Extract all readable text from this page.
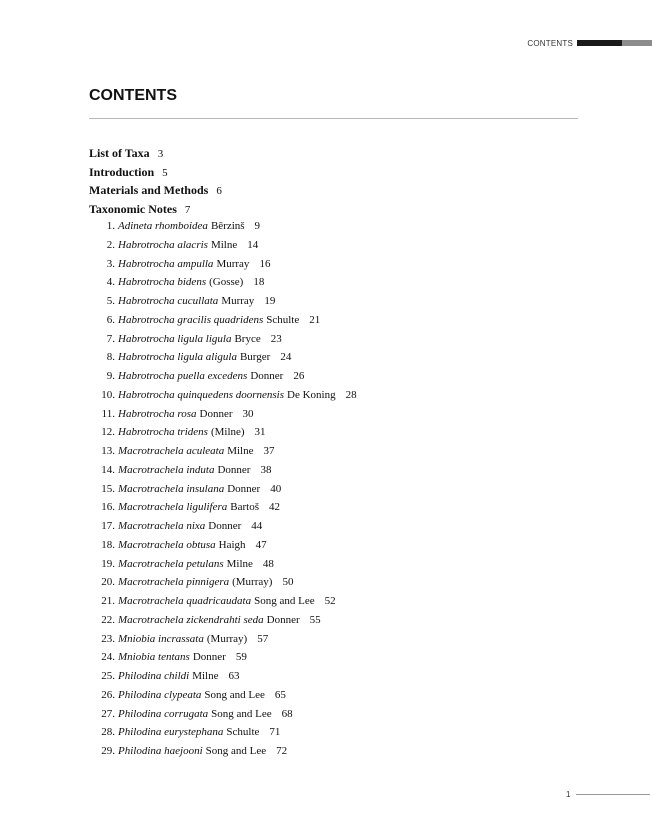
CONTENTS
CONTENTS
List of Taxa 3
Introduction 5
Materials and Methods 6
Taxonomic Notes 7
1. Adineta rhomboidea Bērzinš 9
2. Habrotrocha alacris Milne 14
3. Habrotrocha ampulla Murray 16
4. Habrotrocha bidens (Gosse) 18
5. Habrotrocha cucullata Murray 19
6. Habrotrocha gracilis quadridens Schulte 21
7. Habrotrocha ligula ligula Bryce 23
8. Habrotrocha ligula aligula Burger 24
9. Habrotrocha puella excedens Donner 26
10. Habrotrocha quinquedens doornensis De Koning 28
11. Habrotrocha rosa Donner 30
12. Habrotrocha tridens (Milne) 31
13. Macrotrachela aculeata Milne 37
14. Macrotrachela induta Donner 38
15. Macrotrachela insulana Donner 40
16. Macrotrachela ligulifera Bartoš 42
17. Macrotrachela nixa Donner 44
18. Macrotrachela obtusa Haigh 47
19. Macrotrachela petulans Milne 48
20. Macrotrachela pinnigera (Murray) 50
21. Macrotrachela quadricaudata Song and Lee 52
22. Macrotrachela zickendrahti seda Donner 55
23. Mniobia incrassata (Murray) 57
24. Mniobia tentans Donner 59
25. Philodina childi Milne 63
26. Philodina clypeata Song and Lee 65
27. Philodina corrugata Song and Lee 68
28. Philodina eurystephana Schulte 71
29. Philodina haejooni Song and Lee 72
1
